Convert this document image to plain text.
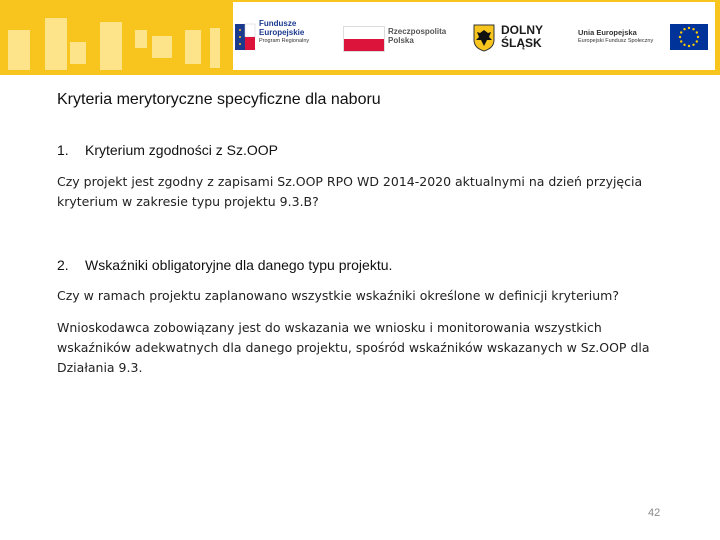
Fundusze
Europejskie
Program Regionalny
Rzeczpospolita
Polska
DOLNY
ŚLĄSK
Unia Europejska
Europejski Fundusz Społeczny
Kryteria merytoryczne specyficzne dla naboru
1. Kryterium zgodności z Sz.OOP

Czy projekt jest zgodny z zapisami Sz.OOP RPO WD 2014-2020 aktualnymi na dzień przyjęcia kryterium w zakresie typu projektu 9.3.B?

2. Wskaźniki obligatoryjne dla danego typu projektu.

Czy w ramach projektu zaplanowano wszystkie wskaźniki określone w definicji kryterium?

Wnioskodawca zobowiązany jest do wskazania we wniosku i monitorowania wszystkich wskaźników adekwatnych dla danego projektu, spośród wskaźników wskazanych w Sz.OOP dla Działania 9.3.

42
